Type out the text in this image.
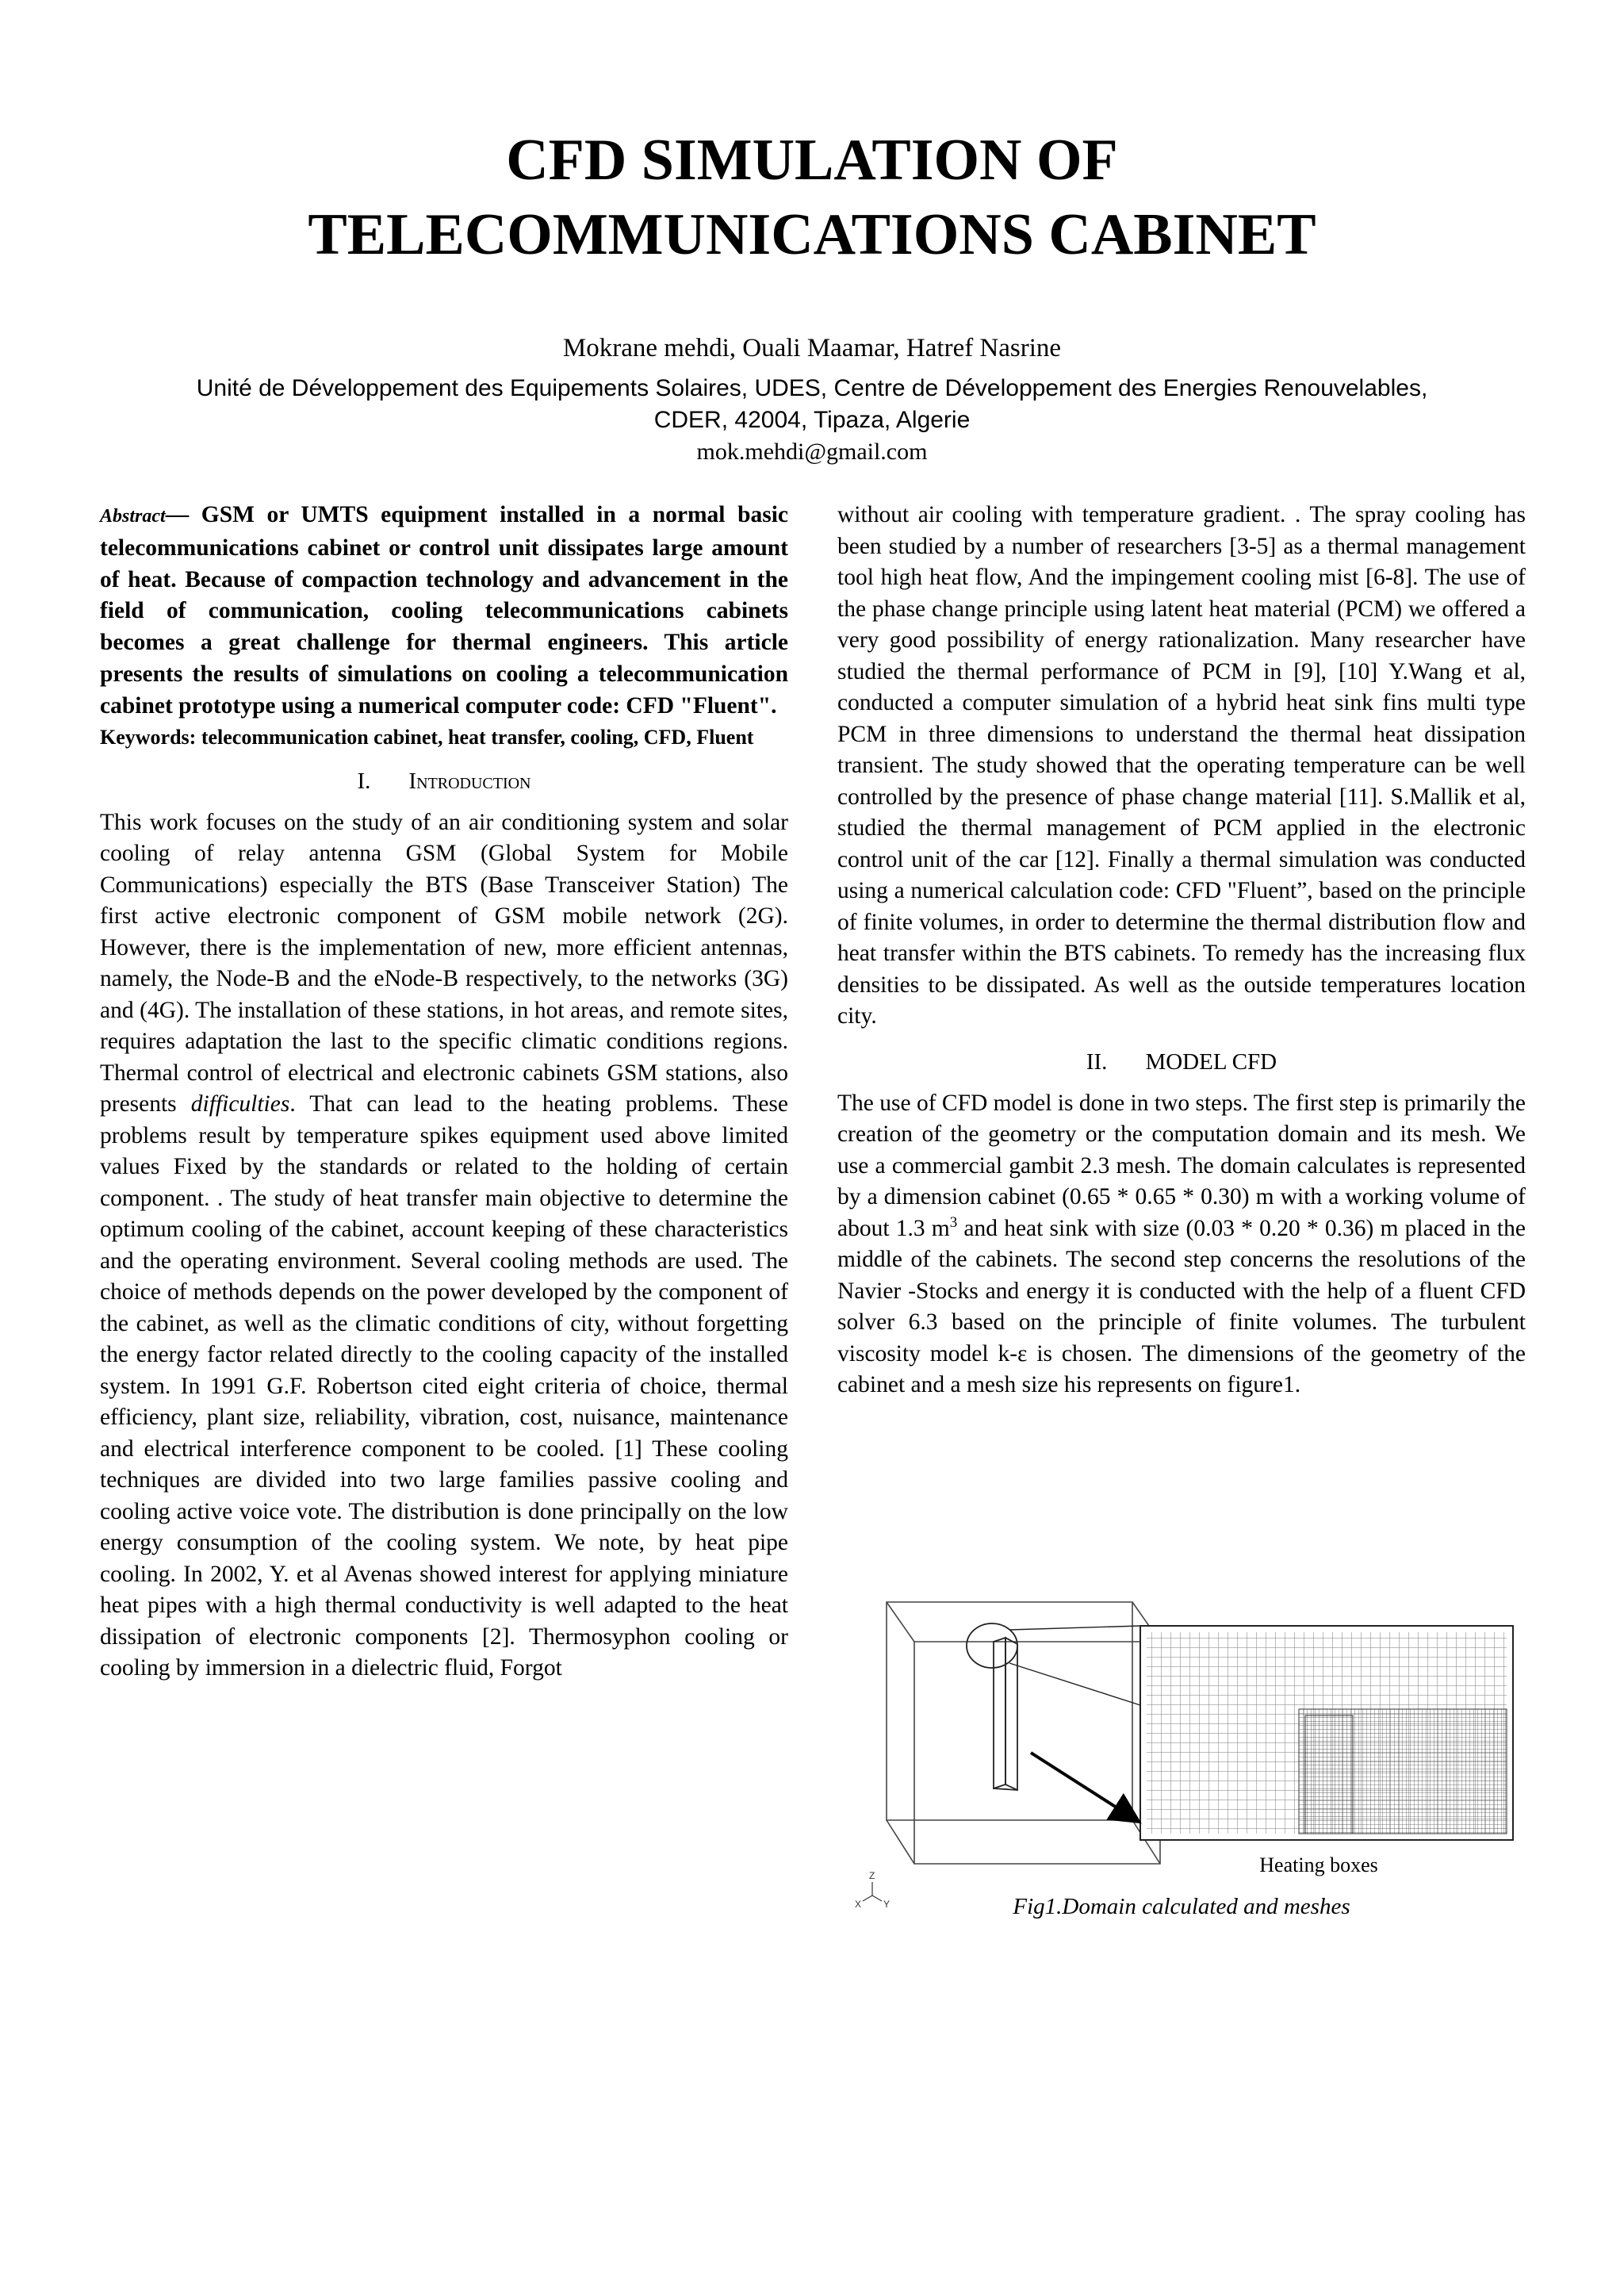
CFD SIMULATION OF
TELECOMMUNICATIONS CABINET
Mokrane mehdi, Ouali Maamar, Hatref Nasrine
Unité de Développement des Equipements Solaires, UDES, Centre de Développement des Energies Renouvelables,
CDER, 42004, Tipaza, Algerie
mok.mehdi@gmail.com

Abstract— GSM or UMTS equipment installed in a normal basic telecommunications cabinet or control unit dissipates large amount of heat. Because of compaction technology and advancement in the field of communication, cooling telecommunications cabinets becomes a great challenge for thermal engineers. This article presents the results of simulations on cooling a telecommunication cabinet prototype using a numerical computer code: CFD "Fluent".

Keywords: telecommunication cabinet, heat transfer, cooling, CFD, Fluent

I. Introduction

This work focuses on the study of an air conditioning system and solar cooling of relay antenna GSM (Global System for Mobile Communications) especially the BTS (Base Transceiver Station) The first active electronic component of GSM mobile network (2G). However, there is the implementation of new, more efficient antennas, namely, the Node-B and the eNode-B respectively, to the networks (3G) and (4G). The installation of these stations, in hot areas, and remote sites, requires adaptation the last to the specific climatic conditions regions. Thermal control of electrical and electronic cabinets GSM stations, also presents difficulties. That can lead to the heating problems. These problems result by temperature spikes equipment used above limited values Fixed by the standards or related to the holding of certain component. . The study of heat transfer main objective to determine the optimum cooling of the cabinet, account keeping of these characteristics and the operating environment. Several cooling methods are used. The choice of methods depends on the power developed by the component of the cabinet, as well as the climatic conditions of city, without forgetting the energy factor related directly to the cooling capacity of the installed system. In 1991 G.F. Robertson cited eight criteria of choice, thermal efficiency, plant size, reliability, vibration, cost, nuisance, maintenance and electrical interference component to be cooled. [1] These cooling techniques are divided into two large families passive cooling and cooling active voice vote. The distribution is done principally on the low energy consumption of the cooling system. We note, by heat pipe cooling. In 2002, Y. et al Avenas showed interest for applying miniature heat pipes with a high thermal conductivity is well adapted to the heat dissipation of electronic components [2]. Thermosyphon cooling or cooling by immersion in a dielectric fluid, Forgot

without air cooling with temperature gradient. . The spray cooling has been studied by a number of researchers [3-5] as a thermal management tool high heat flow, And the impingement cooling mist [6-8]. The use of the phase change principle using latent heat material (PCM) we offered a very good possibility of energy rationalization. Many researcher have studied the thermal performance of PCM in [9], [10] Y.Wang et al, conducted a computer simulation of a hybrid heat sink fins multi type PCM in three dimensions to understand the thermal heat dissipation transient. The study showed that the operating temperature can be well controlled by the presence of phase change material [11]. S.Mallik et al, studied the thermal management of PCM applied in the electronic control unit of the car [12]. Finally a thermal simulation was conducted using a numerical calculation code: CFD "Fluent”, based on the principle of finite volumes, in order to determine the thermal distribution flow and heat transfer within the BTS cabinets. To remedy has the increasing flux densities to be dissipated. As well as the outside temperatures location city.

II. MODEL CFD

The use of CFD model is done in two steps. The first step is primarily the creation of the geometry or the computation domain and its mesh. We use a commercial gambit 2.3 mesh. The domain calculates is represented by a dimension cabinet (0.65 * 0.65 * 0.30) m with a working volume of about 1.3 $m^3$ and heat sink with size (0.03 * 0.20 * 0.36) m placed in the middle of the cabinets. The second step concerns the resolutions of the Navier -Stocks and energy it is conducted with the help of a fluent CFD solver 6.3 based on the principle of finite volumes. The turbulent viscosity model k-ε is chosen. The dimensions of the geometry of the cabinet and a mesh size his represents on figure1.

Heating boxes
Z
X Y	Fig1.Domain calculated and meshes
